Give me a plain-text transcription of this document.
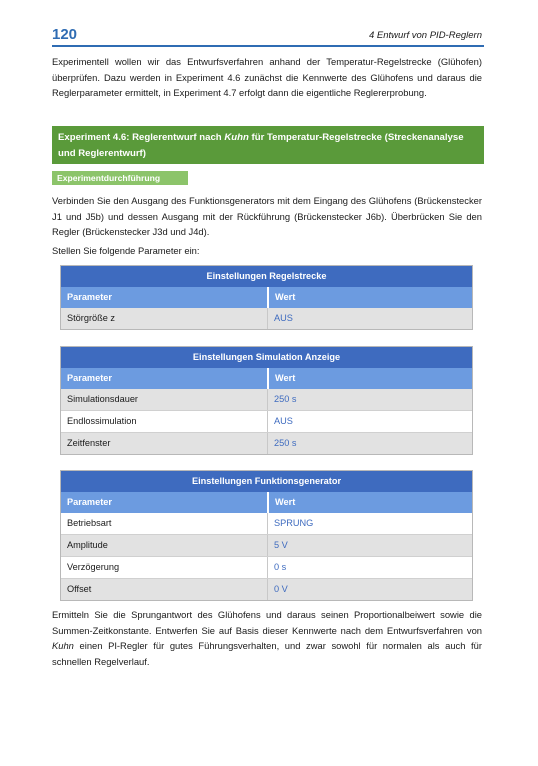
120	4 Entwurf von PID-Reglern

Experimentell wollen wir das Entwurfsverfahren anhand der Temperatur-Regelstrecke (Glühofen) überprüfen. Dazu werden in Experiment 4.6 zunächst die Kennwerte des Glühofens und daraus die Reglerparameter ermittelt, in Experiment 4.7 erfolgt dann die eigentliche Reglererprobung.

Experiment 4.6: Reglerentwurf nach Kuhn für Temperatur-Regelstrecke (Streckenanalyse und Reglerentwurf)
Experimentdurchführung

Verbinden Sie den Ausgang des Funktionsgenerators mit dem Eingang des Glühofens (Brückenstecker J1 und J5b) und dessen Ausgang mit der Rückführung (Brückenstecker J6b). Überbrücken Sie den Regler (Brückenstecker J3d und J4d).

Stellen Sie folgende Parameter ein:

Einstellungen Regelstrecke
Parameter	Wert
Störgröße z	AUS
Einstellungen Simulation Anzeige
Parameter	Wert
Simulationsdauer	250 s
Endlossimulation	AUS
Zeitfenster	250 s
Einstellungen Funktionsgenerator
Parameter	Wert
Betriebsart	SPRUNG
Amplitude	5 V
Verzögerung	0 s
Offset	0 V

Ermitteln Sie die Sprungantwort des Glühofens und daraus seinen Proportionalbeiwert sowie die Summen-Zeitkonstante. Entwerfen Sie auf Basis dieser Kennwerte nach dem Entwurfsverfahren von Kuhn einen PI-Regler für gutes Führungsverhalten, und zwar sowohl für normalen als auch für schnellen Regelverlauf.
